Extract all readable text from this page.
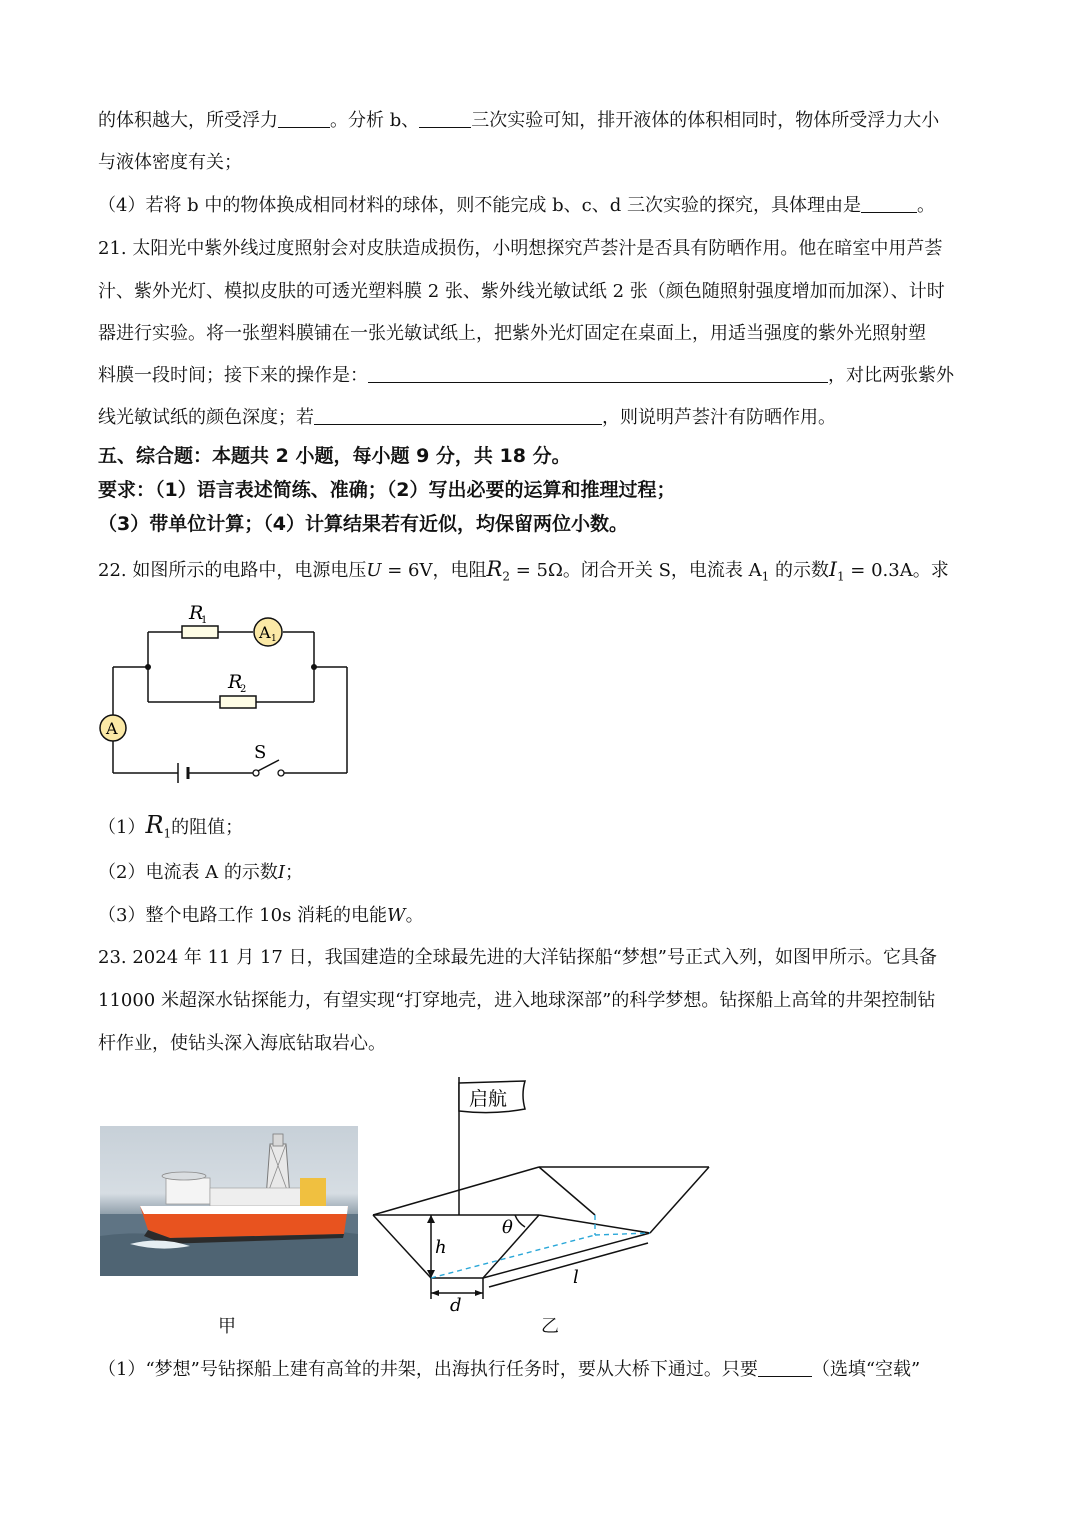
的体积越大，所受浮力	。分析 b、	三次实验可知，排开液体的体积相同时，物体所受浮力大小
与液体密度有关；
（4）若将 b 中的物体换成相同材料的球体，则不能完成 b、c、d 三次实验的探究，具体理由是	。
21. 太阳光中紫外线过度照射会对皮肤造成损伤，小明想探究芦荟汁是否具有防晒作用。他在暗室中用芦荟
汁、紫外光灯、模拟皮肤的可透光塑料膜 2 张、紫外线光敏试纸 2 张（颜色随照射强度增加而加深）、计时
器进行实验。将一张塑料膜铺在一张光敏试纸上，把紫外光灯固定在桌面上，用适当强度的紫外光照射塑
料膜一段时间；接下来的操作是：	，对比两张紫外
线光敏试纸的颜色深度；若	，则说明芦荟汁有防晒作用。
五、综合题：本题共 2 小题，每小题 9 分，共 18 分。
要求：（1）语言表述简练、准确；（2）写出必要的运算和推理过程；
（3）带单位计算；（4）计算结果若有近似，均保留两位小数。
22. 如图所示的电路中，电源电压U = 6V，电阻$R_2 = 5\Omega$。闭合开关 S，电流表 $A_1$ 的示数$I_1 = 0.3A$。求
A 1
A
R
1
R
2
S
$(1)R_1$的阻值；
（2）电流表 A 的示数I；
（3）整个电路工作 10s 消耗的电能W。
23. 2024 年 11 月 17 日，我国建造的全球最先进的大洋钻探船“梦想”号正式入列，如图甲所示。它具备
11000 米超深水钻探能力，有望实现“打穿地壳，进入地球深部”的科学梦想。钻探船上高耸的井架控制钻
杆作业，使钻头深入海底钻取岩心。
甲
启航
h
θ
l
d
乙
（1）“梦想”号钻探船上建有高耸的井架，出海执行任务时，要从大桥下通过。只要	（选填“空载”
